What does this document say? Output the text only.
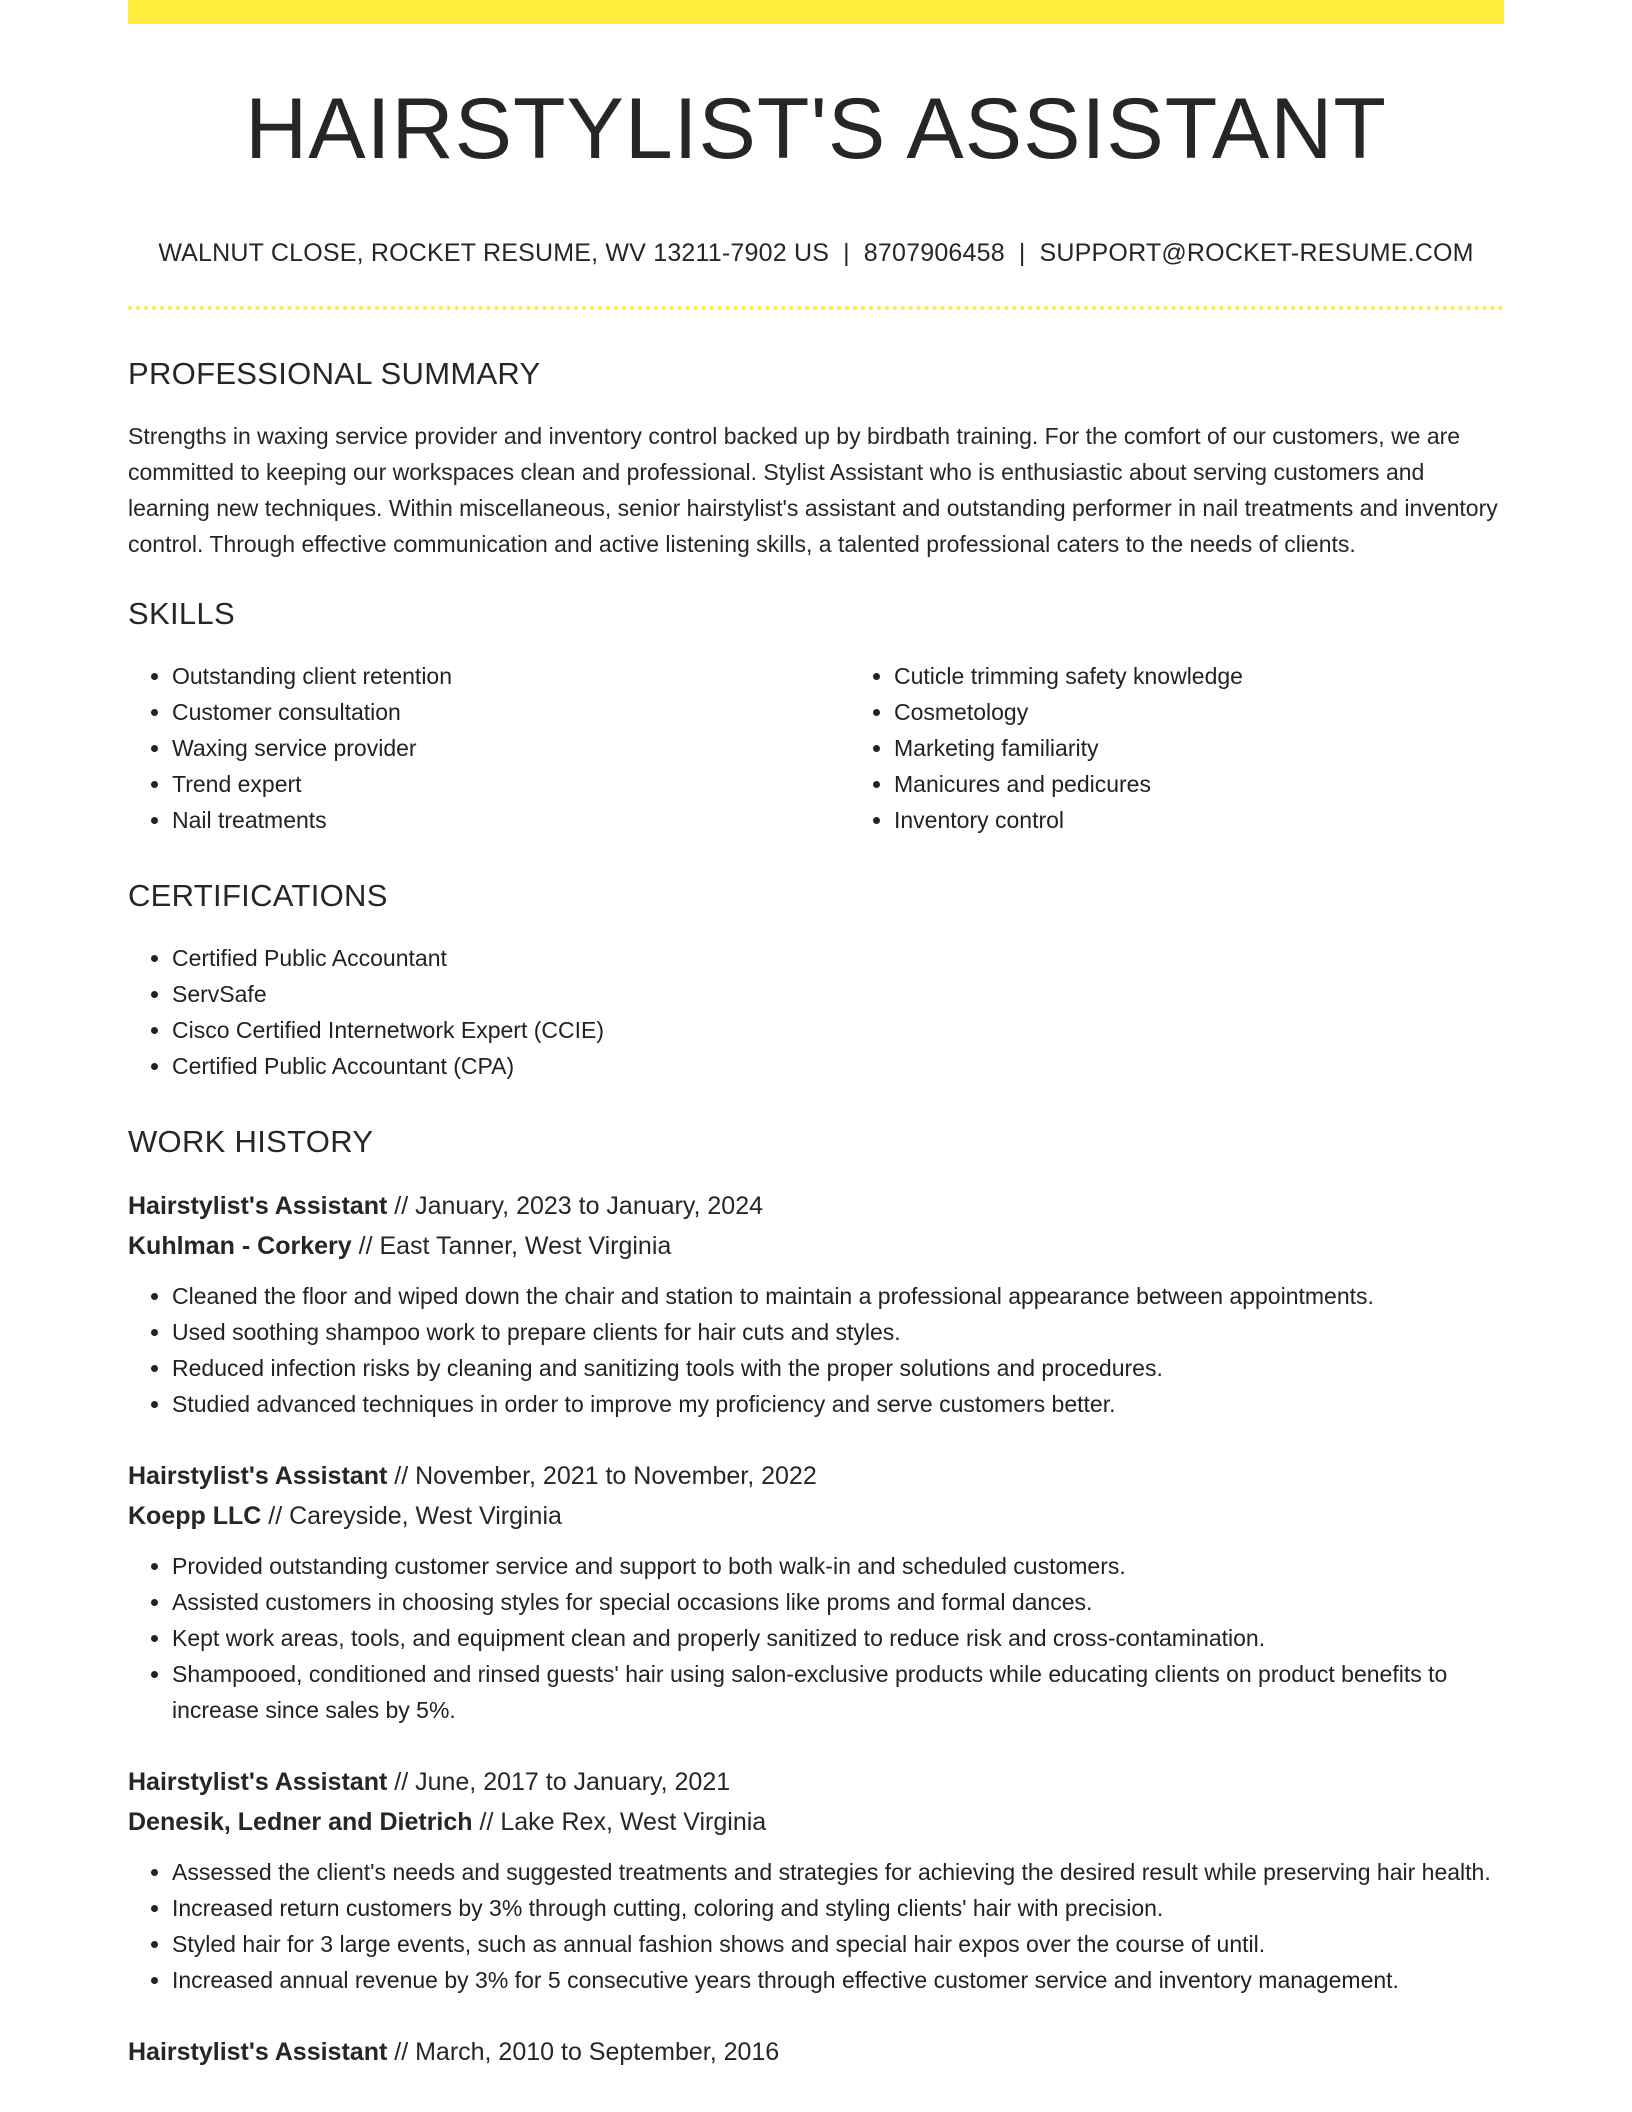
HAIRSTYLIST'S ASSISTANT
WALNUT CLOSE, ROCKET RESUME, WV 13211-7902 US | 8707906458 | SUPPORT@ROCKET-RESUME.COM
PROFESSIONAL SUMMARY

Strengths in waxing service provider and inventory control backed up by birdbath training. For the comfort of our customers, we are committed to keeping our workspaces clean and professional. Stylist Assistant who is enthusiastic about serving customers and learning new techniques. Within miscellaneous, senior hairstylist's assistant and outstanding performer in nail treatments and inventory control. Through effective communication and active listening skills, a talented professional caters to the needs of clients.

SKILLS
• Outstanding client retention
• Customer consultation
• Waxing service provider
• Trend expert
• Nail treatments
• Cuticle trimming safety knowledge
• Cosmetology
• Marketing familiarity
• Manicures and pedicures
• Inventory control
CERTIFICATIONS
• Certified Public Accountant
• ServSafe
• Cisco Certified Internetwork Expert (CCIE)
• Certified Public Accountant (CPA)
WORK HISTORY
Hairstylist's Assistant // January, 2023 to January, 2024
Kuhlman - Corkery // East Tanner, West Virginia
• Cleaned the floor and wiped down the chair and station to maintain a professional appearance between appointments.
• Used soothing shampoo work to prepare clients for hair cuts and styles.
• Reduced infection risks by cleaning and sanitizing tools with the proper solutions and procedures.
• Studied advanced techniques in order to improve my proficiency and serve customers better.
Hairstylist's Assistant // November, 2021 to November, 2022
Koepp LLC // Careyside, West Virginia
• Provided outstanding customer service and support to both walk-in and scheduled customers.
• Assisted customers in choosing styles for special occasions like proms and formal dances.
• Kept work areas, tools, and equipment clean and properly sanitized to reduce risk and cross-contamination.
• Shampooed, conditioned and rinsed guests' hair using salon-exclusive products while educating clients on product benefits to increase since sales by 5%.
Hairstylist's Assistant // June, 2017 to January, 2021
Denesik, Ledner and Dietrich // Lake Rex, West Virginia
• Assessed the client's needs and suggested treatments and strategies for achieving the desired result while preserving hair health.
• Increased return customers by 3% through cutting, coloring and styling clients' hair with precision.
• Styled hair for 3 large events, such as annual fashion shows and special hair expos over the course of until.
• Increased annual revenue by 3% for 5 consecutive years through effective customer service and inventory management.
Hairstylist's Assistant // March, 2010 to September, 2016
